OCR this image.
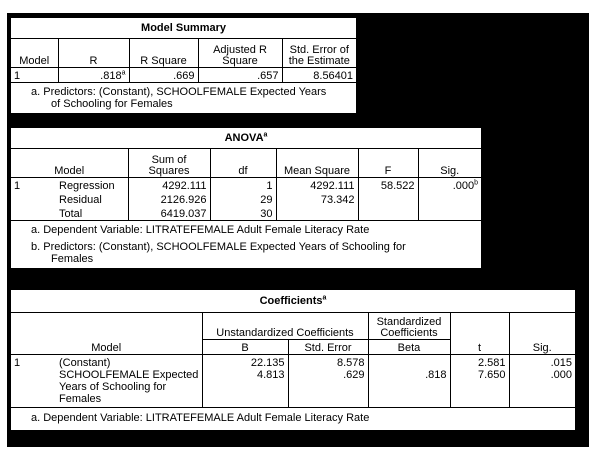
Model Summary				
Model	R	R Square	Adjusted R Square	Std. Error of the Estimate
1	.818$^a$	.669	.657	8.56401
a. Predictors: (Constant), SCHOOLFEMALE Expected Years of Schooling for Females				
ANOVA$^a$
Model		Sum of Squares	df	Mean Square	F	Sig.
1	Regression	4292.111	1	4292.111	58.522	.000$^b$
	Residual	2126.926	29	73.342		
	Total	6419.037	30			
a. Dependent Variable: LITRATEFEMALE Adult Female Literacy Rate						
b. Predictors: (Constant), SCHOOLFEMALE Expected Years of Schooling for Females						
Coefficients$^a$
		Unstandardized Coefficients		Standardized Coefficients		
Model		B	Std. Error	Beta	t	Sig.
1	(Constant)	22.135	8.578		2.581	.015
	SCHOOLFEMALE Expected Years of Schooling for Females	4.813	.629	.818	7.650	.000
a. Dependent Variable: LITRATEFEMALE Adult Female Literacy Rate						
